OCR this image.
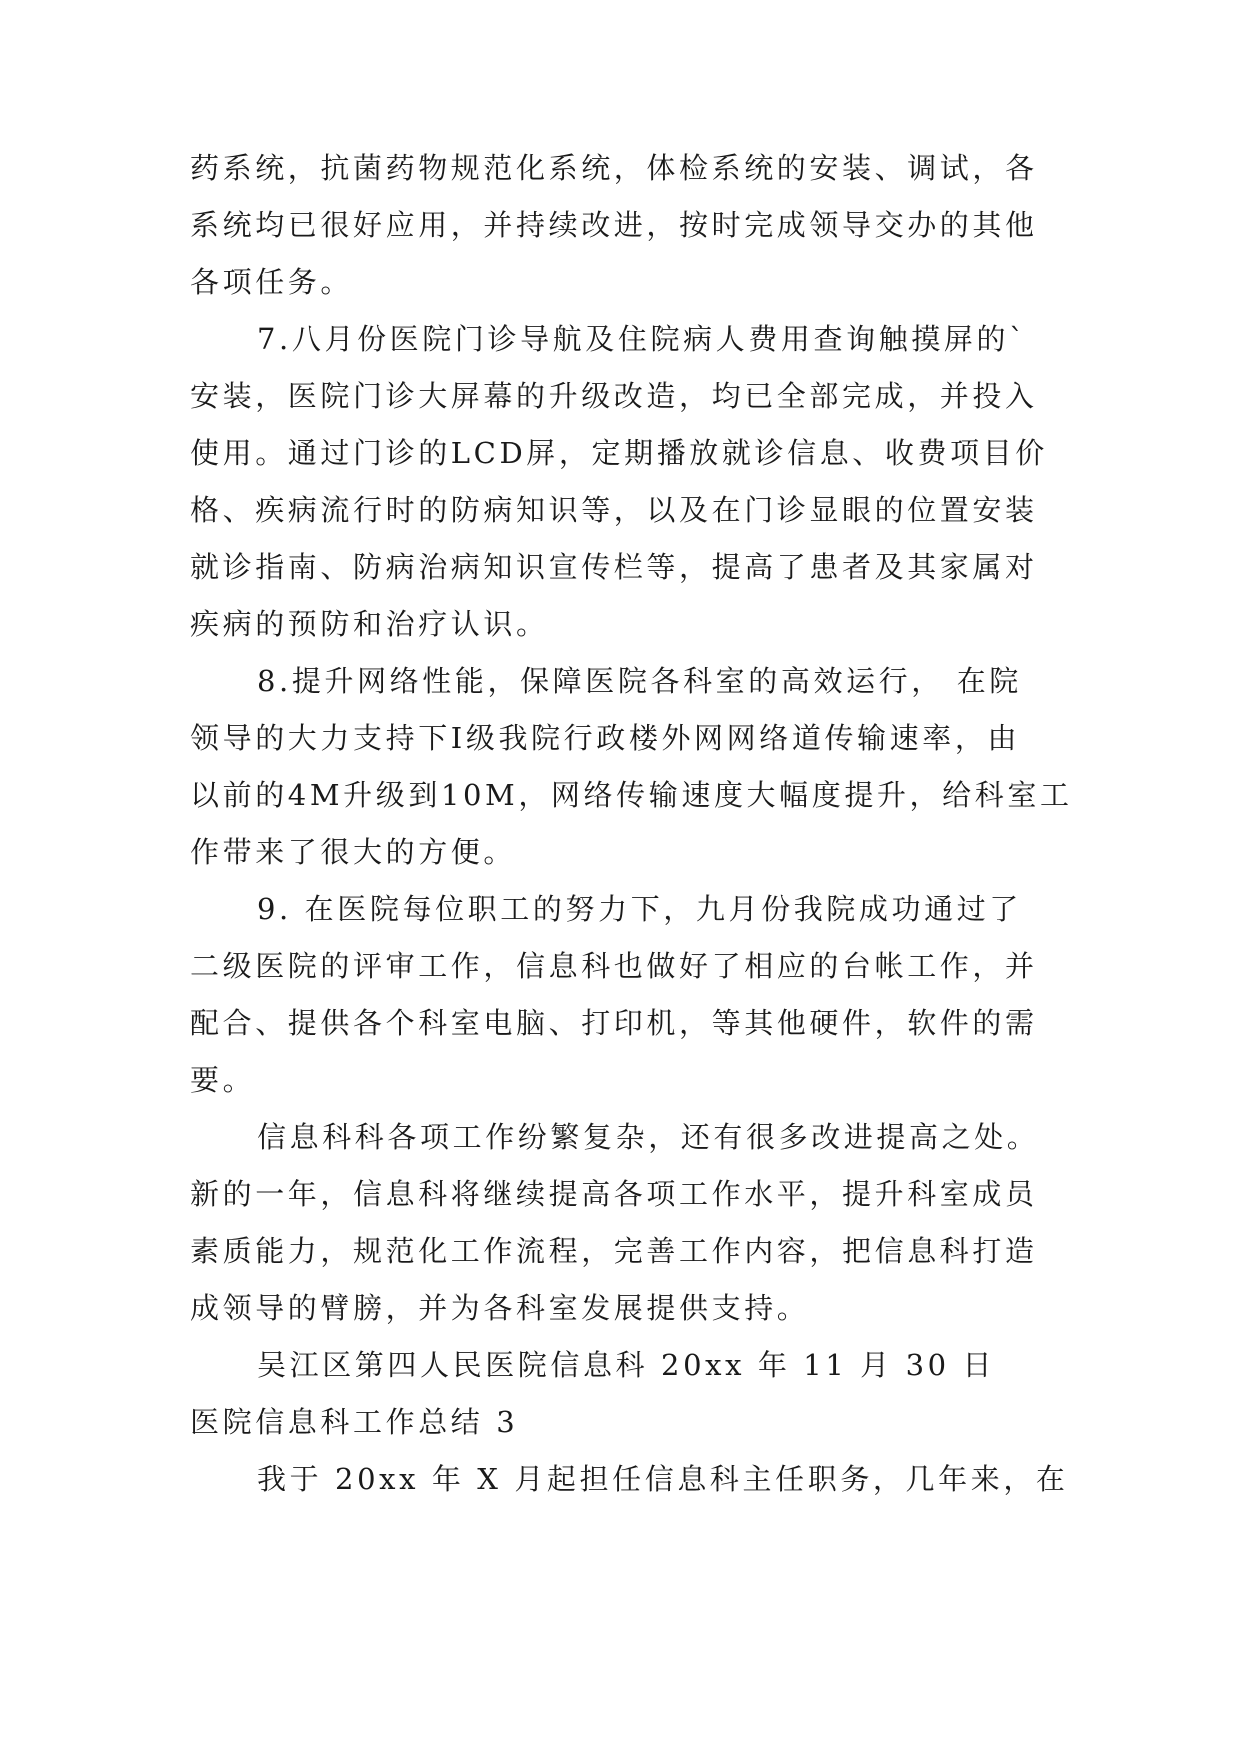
药系统，抗菌药物规范化系统，体检系统的安装、调试，各

系统均已很好应用，并持续改进，按时完成领导交办的其他

各项任务。

7.八月份医院门诊导航及住院病人费用查询触摸屏的`

安装，医院门诊大屏幕的升级改造，均已全部完成，并投入

使用。通过门诊的LCD屏，定期播放就诊信息、收费项目价

格、疾病流行时的防病知识等，以及在门诊显眼的位置安装

就诊指南、防病治病知识宣传栏等，提高了患者及其家属对

疾病的预防和治疗认识。

8.提升网络性能，保障医院各科室的高效运行， 在院

领导的大力支持下I级我院行政楼外网网络道传输速率，由

以前的4M升级到10M，网络传输速度大幅度提升，给科室工

作带来了很大的方便。

9. 在医院每位职工的努力下，九月份我院成功通过了

二级医院的评审工作，信息科也做好了相应的台帐工作，并

配合、提供各个科室电脑、打印机，等其他硬件，软件的需

要。

信息科科各项工作纷繁复杂，还有很多改进提高之处。

新的一年，信息科将继续提高各项工作水平，提升科室成员

素质能力，规范化工作流程，完善工作内容，把信息科打造

成领导的臂膀，并为各科室发展提供支持。

吴江区第四人民医院信息科 20xx 年 11 月 30 日

医院信息科工作总结 3

我于 20xx 年 X 月起担任信息科主任职务，几年来，在
